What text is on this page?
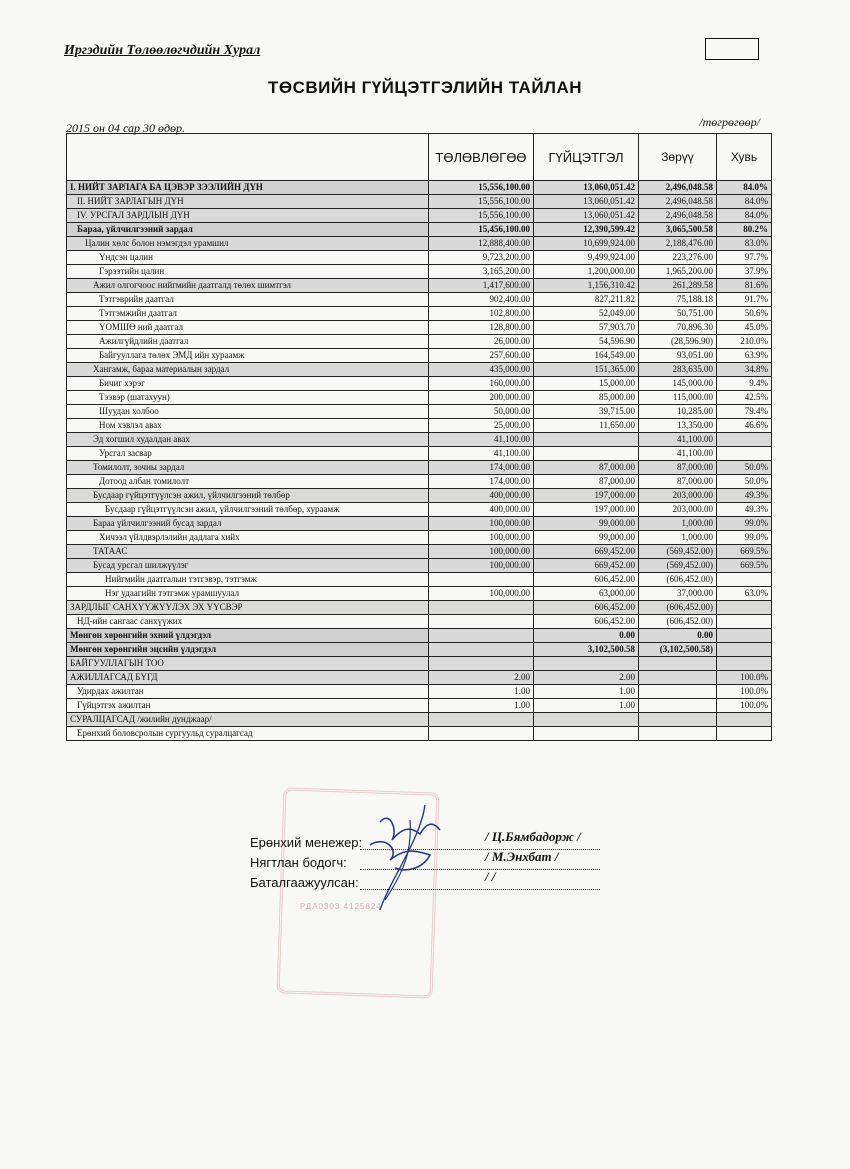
Иргэдийн Төлөөлөгчдийн Хурал
ТӨСВИЙН ГҮЙЦЭТГЭЛИЙН ТАЙЛАН
2015 он 04 сар 30 өдөр.	/төгрөгөөр/
	ТӨЛӨВЛӨГӨӨ	ГҮЙЦЭТГЭЛ	Зөрүү	Хувь
I. НИЙТ ЗАРЛАГА БА ЦЭВЭР ЗЭЭЛИЙН ДҮН	15,556,100.00	13,060,051.42	2,496,048.58	84.0%
II. НИЙТ ЗАРЛАГЫН ДҮН	15,556,100.00	13,060,051.42	2,496,048.58	84.0%
IV. УРСГАЛ ЗАРДЛЫН ДҮН	15,556,100.00	13,060,051.42	2,496,048.58	84.0%
Бараа, үйлчилгээний зардал	15,456,100.00	12,390,599.42	3,065,500.58	80.2%
Цалин хөлс болон нэмэгдэл урамшил	12,888,400.00	10,699,924.00	2,188,476.00	83.0%
Үндсэн цалин	9,723,200.00	9,499,924.00	223,276.00	97.7%
Гэрээтийн цалин	3,165,200.00	1,200,000.00	1,965,200.00	37.9%
Ажил олгогчоос нийгмийн даатгалд төлөх шимтгэл	1,417,600.00	1,156,310.42	261,289.58	81.6%
Тэтгэврийн даатгал	902,400.00	827,211.82	75,188.18	91.7%
Тэтгэмжийн даатгал	102,800.00	52,049.00	50,751.00	50.6%
ҮОМШӨ ний даатгал	128,800.00	57,903.70	70,896.30	45.0%
Ажилгүйдлийн даатгал	26,000.00	54,596.90	(28,596.90)	210.0%
Байгууллага төлөх ЭМД ийн хураамж	257,600.00	164,549.00	93,051.00	63.9%
Хангамж, бараа материалын зардал	435,000.00	151,365.00	283,635.00	34.8%
Бичиг хэрэг	160,000.00	15,000.00	145,000.00	9.4%
Тээвэр (шатахуун)	200,000.00	85,000.00	115,000.00	42.5%
Шуудан холбоо	50,000.00	39,715.00	10,285.00	79.4%
Ном хэвлэл авах	25,000.00	11,650.00	13,350.00	46.6%
Эд хогшил худалдан авах	41,100.00		41,100.00	
Урсгал засвар	41,100.00		41,100.00	
Томилолт, зочны зардал	174,000.00	87,000.00	87,000.00	50.0%
Дотоод албан томилолт	174,000.00	87,000.00	87,000.00	50.0%
Бусдаар гүйцэтгүүлсэн ажил, үйлчилгээний төлбөр	400,000.00	197,000.00	203,000.00	49.3%
Бусдаар гүйцэтгүүлсэн ажил, үйлчилгээний төлбөр, хураамж	400,000.00	197,000.00	203,000.00	49.3%
Бараа үйлчилгээний бусад зардал	100,000.00	99,000.00	1,000.00	99.0%
Хичээл үйлдвэрлэлийн дадлага хийх	100,000.00	99,000.00	1,000.00	99.0%
ТАТААС	100,000.00	669,452.00	(569,452.00)	669.5%
Бусад урсгал шилжүүлэг	100,000.00	669,452.00	(569,452.00)	669.5%
Нийгмийн даатгалын тэтгэвэр, тэтгэмж		606,452.00	(606,452.00)	
Нэг удаагийн тэтгэмж урамшуулал	100,000.00	63,000.00	37,000.00	63.0%
ЗАРДЛЫГ САНХҮҮЖҮҮЛЭХ ЭХ ҮҮСВЭР		606,452.00	(606,452.00)	
НД-ийн сангаас санхүүжих		606,452.00	(606,452.00)	
Мөнгөн хөрөнгийн эхний үлдэгдэл		0.00	0.00	
Мөнгөн хөрөнгийн эцсийн үлдэгдэл		3,102,500.58	(3,102,500.58)	
БАЙГУУЛЛАГЫН ТОО				
АЖИЛЛАГСАД БҮГД	2.00	2.00		100.0%
Удирдах ажилтан	1.00	1.00		100.0%
Гүйцэтгэх ажилтан	1.00	1.00		100.0%
СУРАЛЦАГСАД /жилийн дунджаар/				
Ерөнхий боловсролын сургуульд суралцагсад				
РДА0303 4125824
Ерөнхий менежер:	/ Ц.Бямбадорж /
Нягтлан бодогч:	/ М.Энхбат /
Баталгаажуулсан:	/ /
